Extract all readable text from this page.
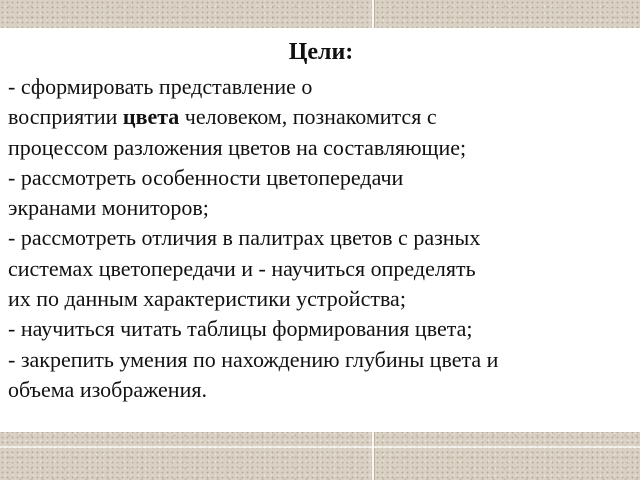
Цели:
- сформировать представление о
восприятии цвета человеком, познакомится с
процессом разложения цветов на составляющие;
- рассмотреть особенности цветопередачи
экранами мониторов;
- рассмотреть отличия в палитрах цветов с разных
системах цветопередачи и - научиться определять
их по данным характеристики устройства;
- научиться читать таблицы формирования цвета;
- закрепить умения по нахождению глубины цвета и
объема изображения.
